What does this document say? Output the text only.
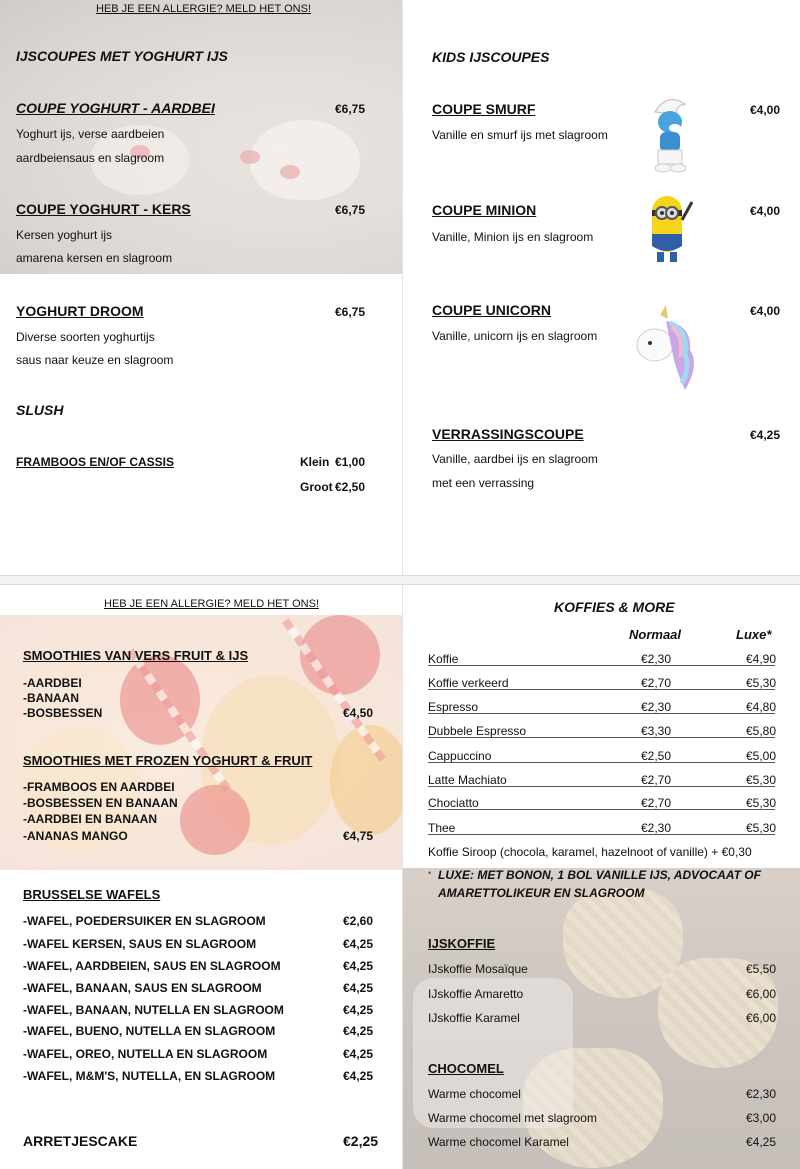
HEB JE EEN ALLERGIE? MELD HET ONS!
IJSCOUPES MET YOGHURT IJS
COUPE YOGHURT - AARDBEI	€6,75
Yoghurt ijs, verse aardbeien
aardbeiensaus en slagroom
COUPE YOGHURT - KERS	€6,75
Kersen yoghurt ijs
amarena kersen en slagroom
YOGHURT DROOM	€6,75
Diverse soorten yoghurtijs
saus naar keuze en slagroom
SLUSH
FRAMBOOS EN/OF CASSIS	Klein €1,00
Groot €2,50
KIDS IJSCOUPES
COUPE SMURF	€4,00
Vanille en smurf ijs met slagroom
COUPE MINION	€4,00
Vanille, Minion ijs en slagroom
COUPE UNICORN	€4,00
Vanille, unicorn ijs en slagroom
VERRASSINGSCOUPE	€4,25
Vanille, aardbei ijs en slagroom
met een verrassing
HEB JE EEN ALLERGIE? MELD HET ONS!
SMOOTHIES VAN VERS FRUIT & IJS
-AARDBEI
-BANAAN
-BOSBESSEN	€4,50
SMOOTHIES MET FROZEN YOGHURT & FRUIT
-FRAMBOOS EN AARDBEI
-BOSBESSEN EN BANAAN
-AARDBEI EN BANAAN
-ANANAS MANGO	€4,75
BRUSSELSE WAFELS
-WAFEL, POEDERSUIKER EN SLAGROOM	€2,60
-WAFEL KERSEN, SAUS EN SLAGROOM	€4,25
-WAFEL, AARDBEIEN, SAUS EN SLAGROOM	€4,25
-WAFEL, BANAAN, SAUS EN SLAGROOM	€4,25
-WAFEL, BANAAN, NUTELLA EN SLAGROOM	€4,25
-WAFEL, BUENO, NUTELLA EN SLAGROOM	€4,25
-WAFEL, OREO, NUTELLA EN SLAGROOM	€4,25
-WAFEL, M&M'S, NUTELLA, EN SLAGROOM	€4,25
ARRETJESCAKE	€2,25
KOFFIES & MORE
Normaal	Luxe*
Koffie	€2,30	€4,90
Koffie verkeerd	€2,70	€5,30
Espresso	€2,30	€4,80
Dubbele Espresso	€3,30	€5,80
Cappuccino	€2,50	€5,00
Latte Machiato	€2,70	€5,30
Chociatto	€2,70	€5,30
Thee	€2,30	€5,30
Koffie Siroop (chocola, karamel, hazelnoot of vanille) + €0,30
• LUXE: MET BONON, 1 BOL VANILLE IJS, ADVOCAAT OF
AMARETTOLIKEUR EN SLAGROOM
IJSKOFFIE
IJskoffie Mosaïque	€5,50
IJskoffie Amaretto	€6,00
IJskoffie Karamel	€6,00
CHOCOMEL
Warme chocomel	€2,30
Warme chocomel met slagroom	€3,00
Warme chocomel Karamel	€4,25
